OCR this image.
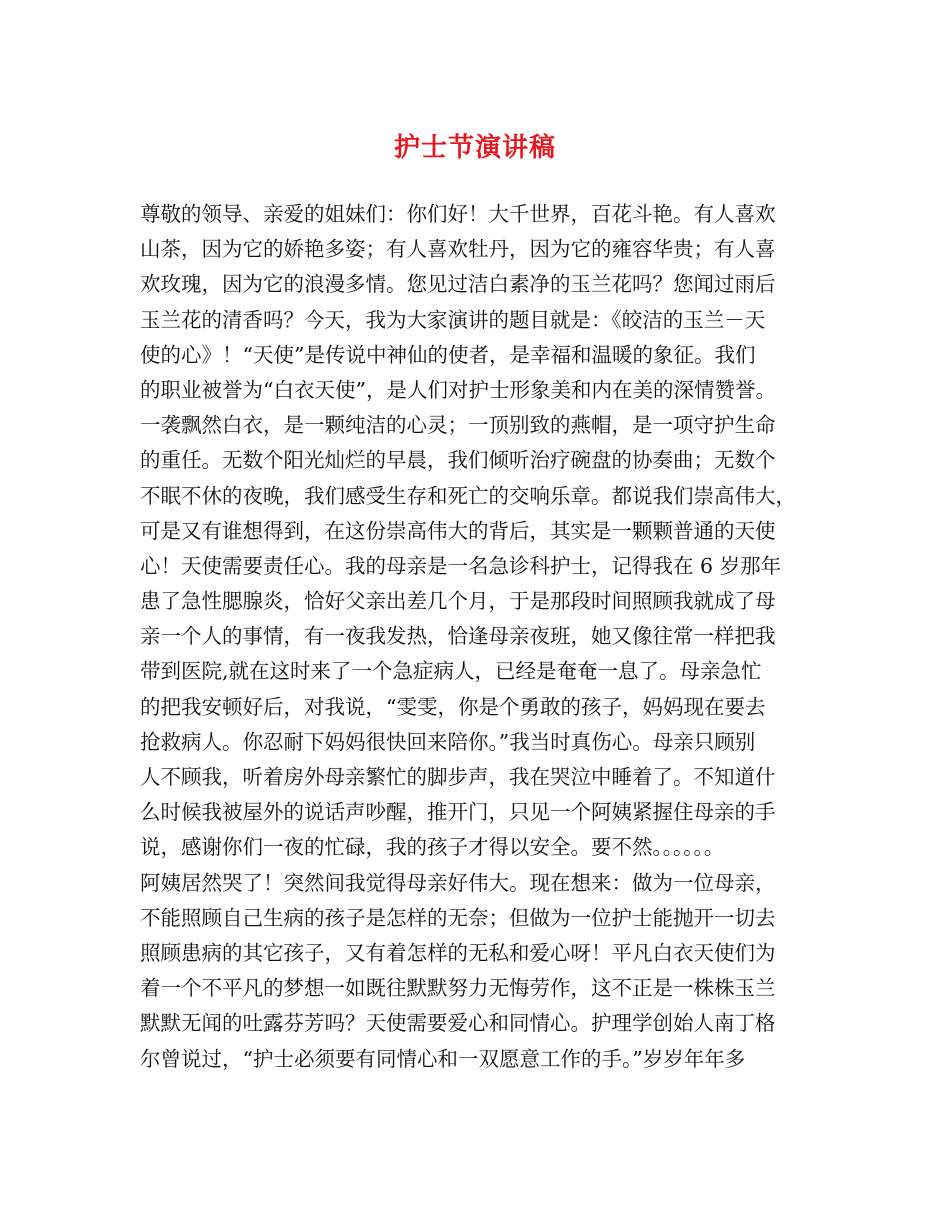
护士节演讲稿
尊敬的领导、亲爱的姐妹们：你们好！大千世界，百花斗艳。有人喜欢
山茶，因为它的娇艳多姿；有人喜欢牡丹，因为它的雍容华贵；有人喜
欢玫瑰，因为它的浪漫多情。您见过洁白素净的玉兰花吗？您闻过雨后
玉兰花的清香吗？今天，我为大家演讲的题目就是：《皎洁的玉兰－天
使的心》！“天使”是传说中神仙的使者，是幸福和温暖的象征。我们
的职业被誉为“白衣天使”，是人们对护士形象美和内在美的深情赞誉。
一袭飘然白衣，是一颗纯洁的心灵；一顶别致的燕帽，是一项守护生命
的重任。无数个阳光灿烂的早晨，我们倾听治疗碗盘的协奏曲；无数个
不眠不休的夜晚，我们感受生存和死亡的交响乐章。都说我们崇高伟大，
可是又有谁想得到，在这份崇高伟大的背后，其实是一颗颗普通的天使
心！天使需要责任心。我的母亲是一名急诊科护士，记得我在 6 岁那年
患了急性腮腺炎，恰好父亲出差几个月，于是那段时间照顾我就成了母
亲一个人的事情，有一夜我发热，恰逢母亲夜班，她又像往常一样把我
带到医院,就在这时来了一个急症病人，已经是奄奄一息了。母亲急忙
的把我安顿好后，对我说，“雯雯，你是个勇敢的孩子，妈妈现在要去
抢救病人。你忍耐下妈妈很快回来陪你。”我当时真伤心。母亲只顾别
人不顾我，听着房外母亲繁忙的脚步声，我在哭泣中睡着了。不知道什
么时候我被屋外的说话声吵醒，推开门，只见一个阿姨紧握住母亲的手
说，感谢你们一夜的忙碌，我的孩子才得以安全。要不然。。。。。。
阿姨居然哭了！突然间我觉得母亲好伟大。现在想来：做为一位母亲，
不能照顾自己生病的孩子是怎样的无奈；但做为一位护士能抛开一切去
照顾患病的其它孩子，又有着怎样的无私和爱心呀！平凡白衣天使们为
着一个不平凡的梦想一如既往默默努力无悔劳作，这不正是一株株玉兰
默默无闻的吐露芬芳吗？天使需要爱心和同情心。护理学创始人南丁格
尔曾说过，“护士必须要有同情心和一双愿意工作的手。”岁岁年年多
